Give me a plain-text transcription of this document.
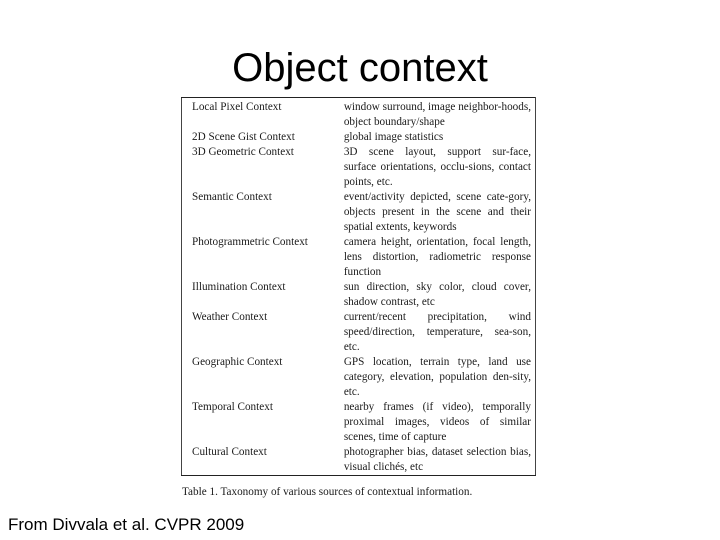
Object context
Local Pixel Context	window surround, image neighbor-hoods, object boundary/shape
2D Scene Gist Context	global image statistics
3D Geometric Context	3D scene layout, support sur-face, surface orientations, occlu-sions, contact points, etc.
Semantic Context	event/activity depicted, scene cate-gory, objects present in the scene and their spatial extents, keywords
Photogrammetric Context	camera height, orientation, focal length, lens distortion, radiometric response function
Illumination Context	sun direction, sky color, cloud cover, shadow contrast, etc
Weather Context	current/recent precipitation, wind speed/direction, temperature, sea-son, etc.
Geographic Context	GPS location, terrain type, land use category, elevation, population den-sity, etc.
Temporal Context	nearby frames (if video), temporally proximal images, videos of similar scenes, time of capture
Cultural Context	photographer bias, dataset selection bias, visual clichés, etc
Table 1. Taxonomy of various sources of contextual information.
From Divvala et al. CVPR 2009
